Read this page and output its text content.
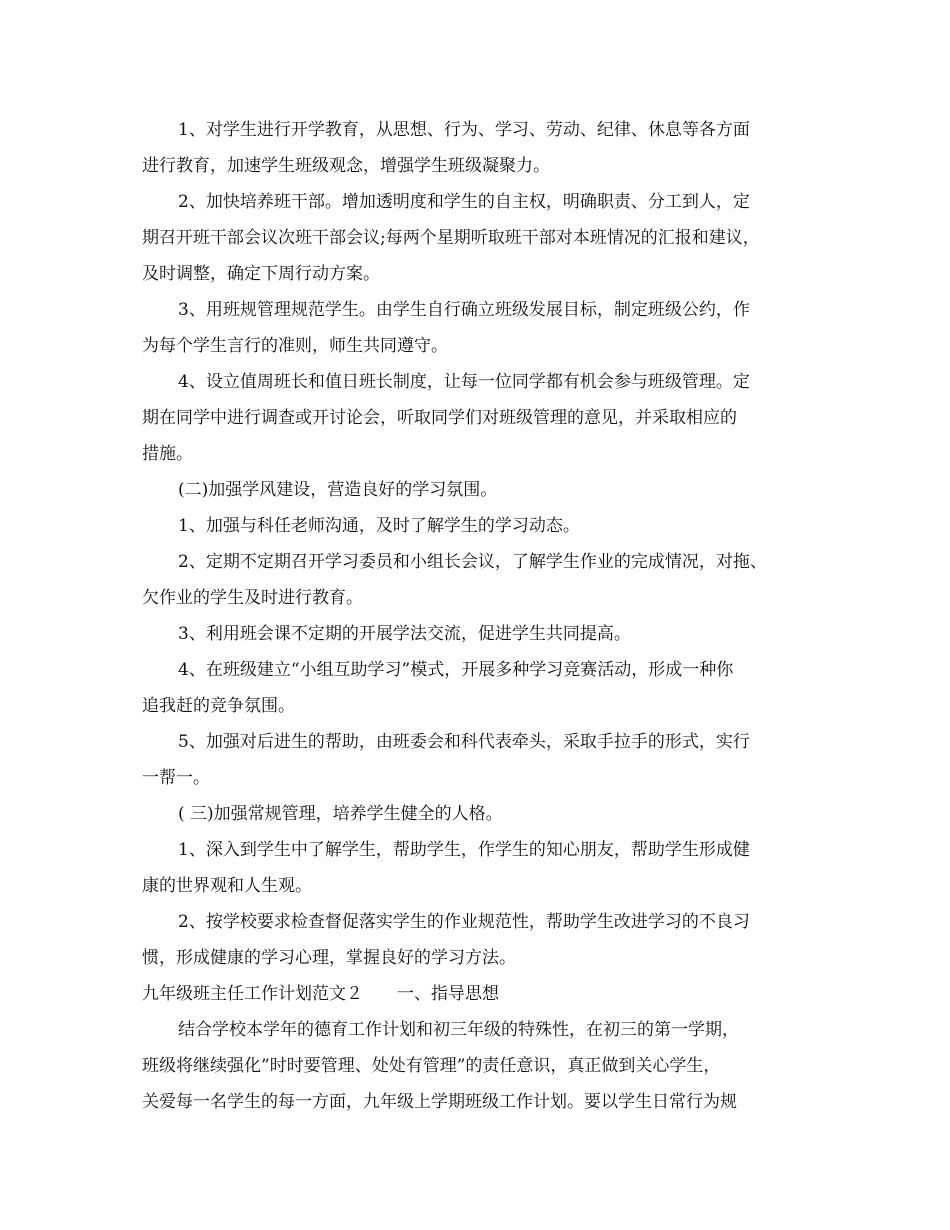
1、对学生进行开学教育，从思想、行为、学习、劳动、纪律、休息等各方面
进行教育，加速学生班级观念，增强学生班级凝聚力。
2、加快培养班干部。增加透明度和学生的自主权，明确职责、分工到人，定
期召开班干部会议次班干部会议;每两个星期听取班干部对本班情况的汇报和建议，
及时调整，确定下周行动方案。
3、用班规管理规范学生。由学生自行确立班级发展目标，制定班级公约，作
为每个学生言行的准则，师生共同遵守。
4、设立值周班长和值日班长制度，让每一位同学都有机会参与班级管理。定
期在同学中进行调查或开讨论会，听取同学们对班级管理的意见，并采取相应的
措施。
(二)加强学风建设，营造良好的学习氛围。
1、加强与科任老师沟通，及时了解学生的学习动态。
2、定期不定期召开学习委员和小组长会议，了解学生作业的完成情况，对拖、
欠作业的学生及时进行教育。
3、利用班会课不定期的开展学法交流，促进学生共同提高。
4、在班级建立“小组互助学习”模式，开展多种学习竞赛活动，形成一种你
追我赶的竞争氛围。
5、加强对后进生的帮助，由班委会和科代表牵头，采取手拉手的形式，实行
一帮一。
( 三)加强常规管理，培养学生健全的人格。
1、深入到学生中了解学生，帮助学生，作学生的知心朋友，帮助学生形成健
康的世界观和人生观。
2、按学校要求检查督促落实学生的作业规范性，帮助学生改进学习的不良习
惯，形成健康的学习心理，掌握良好的学习方法。
九年级班主任工作计划范文２　　一、指导思想
结合学校本学年的德育工作计划和初三年级的特殊性，在初三的第一学期，
班级将继续强化”时时要管理、处处有管理”的责任意识，真正做到关心学生，
关爱每一名学生的每一方面，九年级上学期班级工作计划。要以学生日常行为规
